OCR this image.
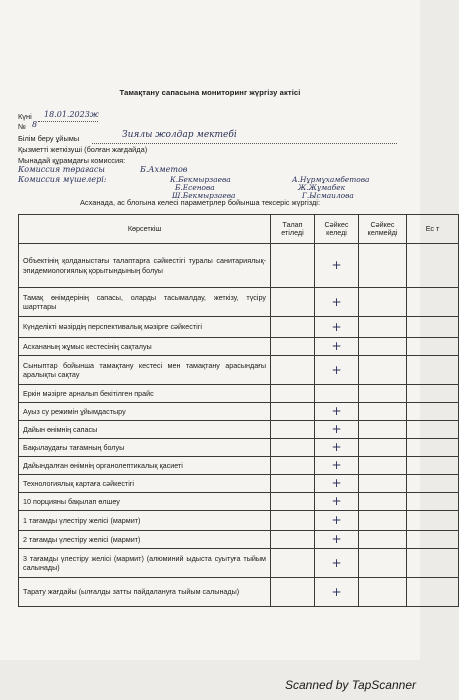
Тамақтану сапасына мониторинг жүргізу актісі
Күні 18.01.2023ж
№ 8
Білім беру ұйымы	Зиялы жолдар мектебі
Қызметті жеткізуші (болған жағдайда)
Мынадай құрамдағы комиссия:
Комиссия төрағасы	Б.Ахметов
Комиссия мүшелері:	К.Бекмырзаева	А.Нұрмұхамбетова
Б.Есенова	Ж.Жұмабек
Ш.Бекмырзаева	Г.Ысмаилова
Асханада, ас блогына келесі параметрлер бойынша тексеріс жүргізді:
Көрсеткіш	Талап етіледі	Сәйкес келеді	Сәйкес келмейді	Ес т
Объектінің қолданыстағы талаптарға сәйкестігі туралы санитариялық-эпидемиологиялық қорытындының болуы		+		
Тамақ өнімдерінің сапасы, оларды тасымалдау, жеткізу, түсіру шарттары		+		
Күнделікті мәзірдің перспективалық мәзірге сәйкестігі		+		
Асхананың жұмыс кестесінің сақталуы		+		
Сыныптар бойынша тамақтану кестесі мен тамақтану арасындағы аралықты сақтау		+		
Еркін мәзірге арналып бекітілген прайс				
Ауыз су режимін ұйымдастыру		+		
Дайын өнімнің сапасы		+		
Бақылаудағы тағамның болуы		+		
Дайындалған өнімнің органолептикалық қасиеті		+		
Технологиялық картаға сәйкестігі		+		
10 порцияны бақылап өлшеу		+		
1 тағамды үлестіру желісі (мармит)		+		
2 тағамды үлестіру желісі (мармит)		+		
3 тағамды үлестіру желісі (мармит) (алюминий ыдыста суытуға тыйым салынады)		+		
Тарату жағдайы (ылғалды затты пайдалануға тыйым салынады)		+		
Scanned by TapScanner
